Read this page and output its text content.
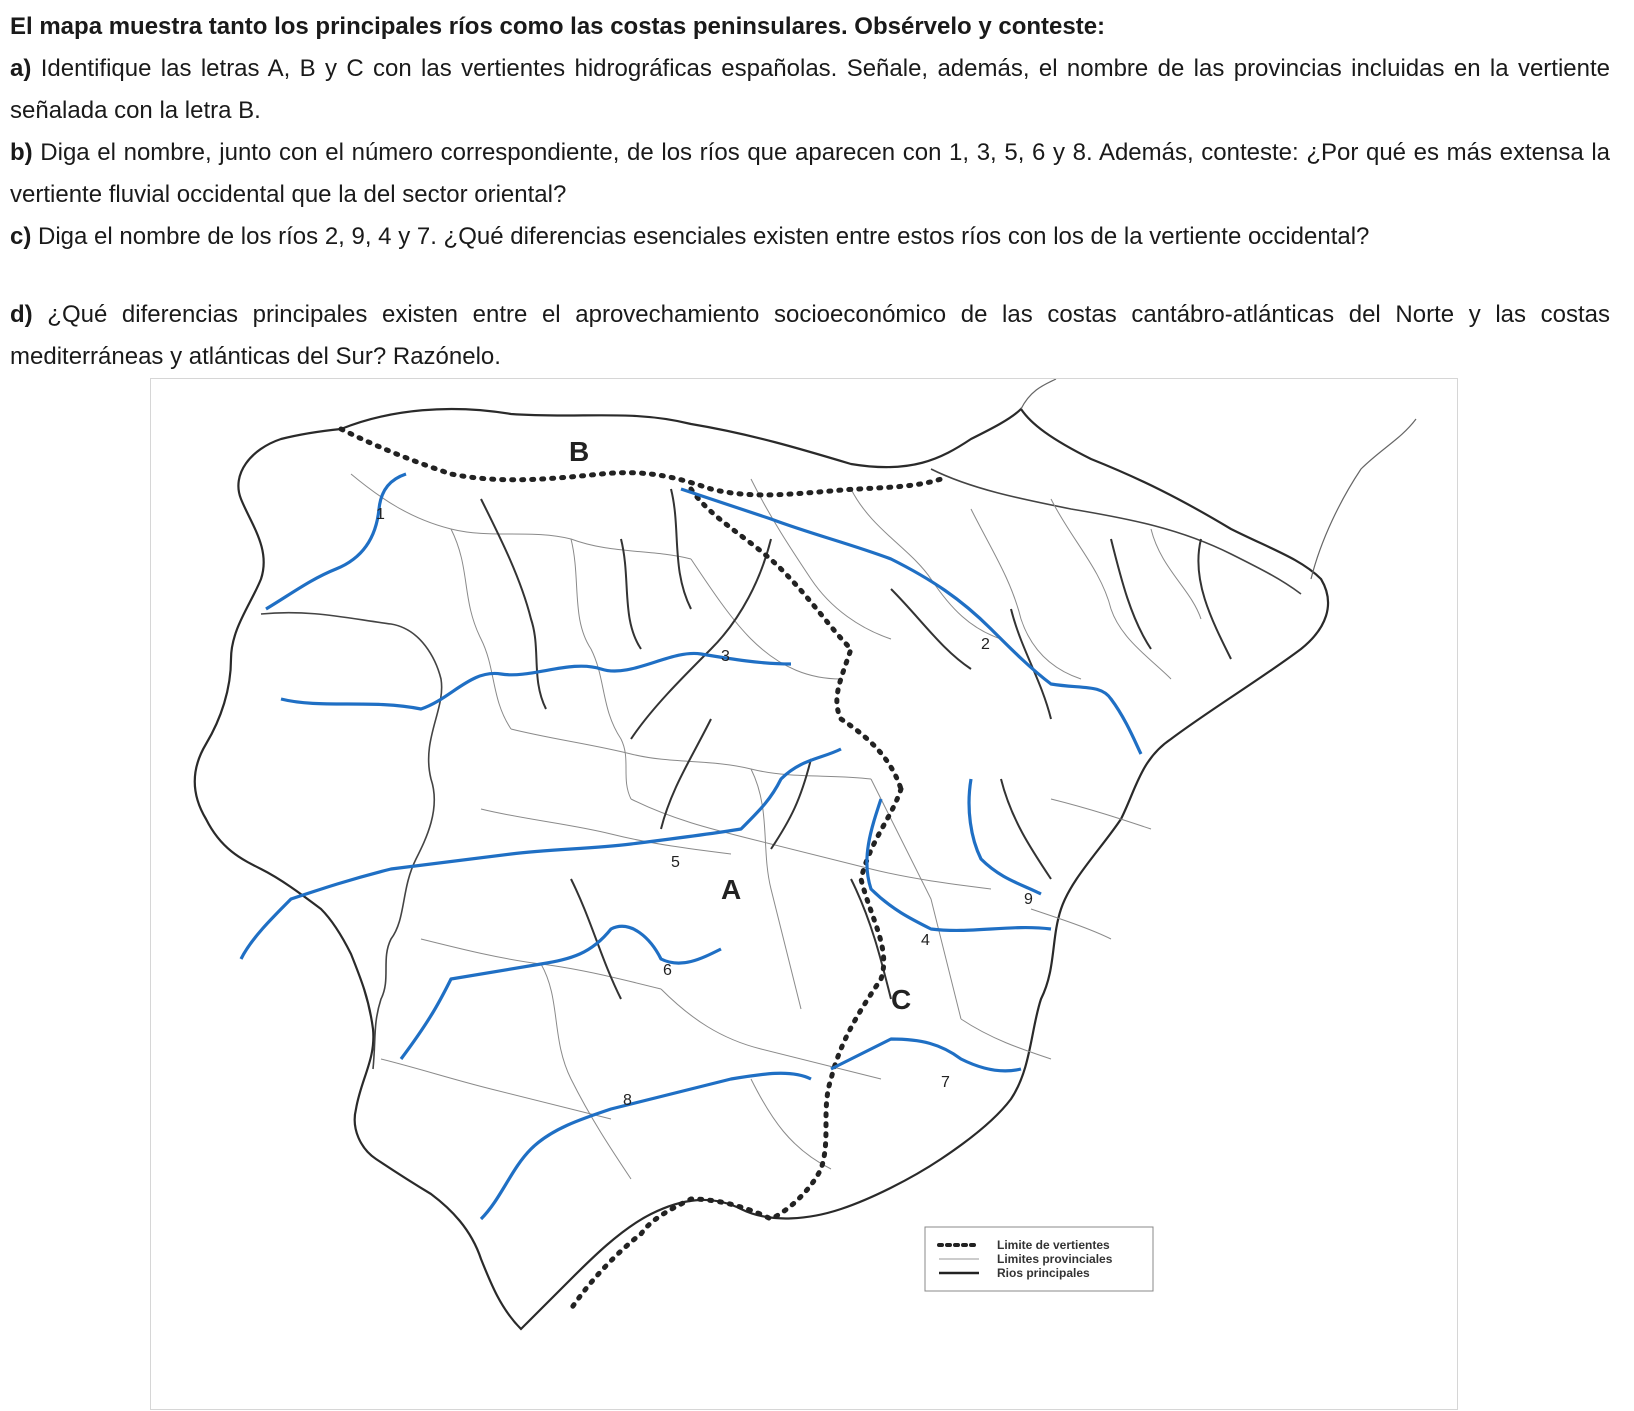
El mapa muestra tanto los principales ríos como las costas peninsulares. Obsérvelo y conteste:

a) Identifique las letras A, B y C con las vertientes hidrográficas españolas. Señale, además, el nombre de las provincias incluidas en la vertiente señalada con la letra B.

b) Diga el nombre, junto con el número correspondiente, de los ríos que aparecen con 1, 3, 5, 6 y 8. Además, conteste: ¿Por qué es más extensa la vertiente fluvial occidental que la del sector oriental?

c) Diga el nombre de los ríos 2, 9, 4 y 7. ¿Qué diferencias esenciales existen entre estos ríos con los de la vertiente occidental?

d) ¿Qué diferencias principales existen entre el aprovechamiento socioeconómico de las costas cantábro-atlánticas del Norte y las costas mediterráneas y atlánticas del Sur? Razónelo.

B
A
C
1
2
3
4
5
6
7
8
9
Limite de vertientes
Limites provinciales
Rios principales
